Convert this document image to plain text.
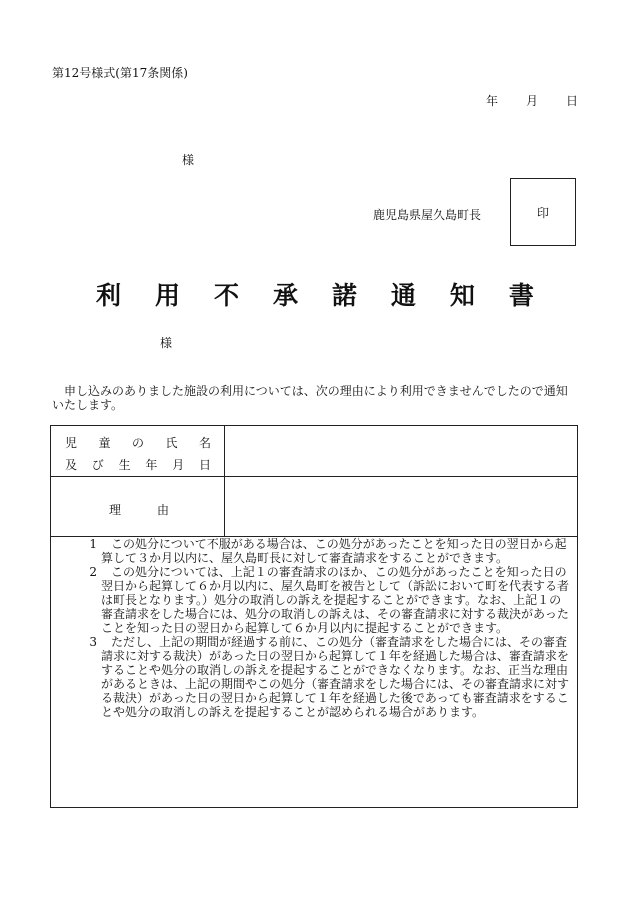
第12号様式(第17条関係)
年 月 日
様
鹿児島県屋久島町長	印
利 用 不 承 諾 通 知 書
様
申し込みのありました施設の利用については、次の理由により利用できませんでしたので通知いたします。
児 童 の 氏 名
及 び 生 年 月 日
理	由
1	この処分について不服がある場合は、この処分があったことを知った日の翌日から起算して３か月以内に、屋久島町長に対して審査請求をすることができます。
2	この処分については、上記１の審査請求のほか、この処分があったことを知った日の翌日から起算して６か月以内に、屋久島町を被告として（訴訟において町を代表する者は町長となります。）処分の取消しの訴えを提起することができます。なお、上記１の審査請求をした場合には、処分の取消しの訴えは、その審査請求に対する裁決があったことを知った日の翌日から起算して６か月以内に提起することができます。
3	ただし、上記の期間が経過する前に、この処分（審査請求をした場合には、その審査請求に対する裁決）があった日の翌日から起算して１年を経過した場合は、審査請求をすることや処分の取消しの訴えを提起することができなくなります。なお、正当な理由があるときは、上記の期間やこの処分（審査請求をした場合には、その審査請求に対する裁決）があった日の翌日から起算して１年を経過した後であっても審査請求をすることや処分の取消しの訴えを提起することが認められる場合があります。
